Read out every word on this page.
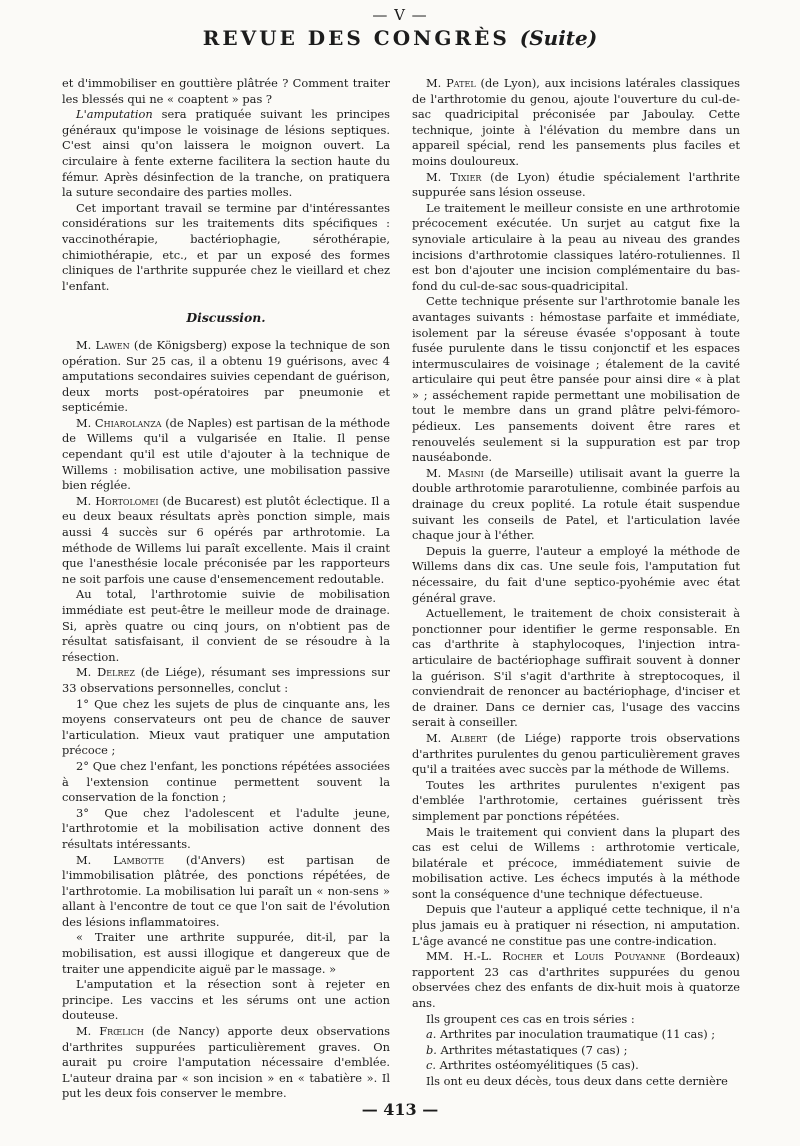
— V —
REVUE DES CONGRÈS (Suite)

et d'immobiliser en gouttière plâtrée ? Comment traiter les blessés qui ne « coaptent » pas ?

L'amputation sera pratiquée suivant les principes généraux qu'impose le voisinage de lésions septiques. C'est ainsi qu'on laissera le moignon ouvert. La circulaire à fente externe facilitera la section haute du fémur. Après désinfection de la tranche, on pratiquera la suture secondaire des parties molles.

Cet important travail se termine par d'intéressantes considérations sur les traitements dits spécifiques : vaccinothérapie, bactériophagie, sérothérapie, chimiothérapie, etc., et par un exposé des formes cliniques de l'arthrite suppurée chez le vieillard et chez l'enfant.

Discussion.

M. Lawen (de Königsberg) expose la technique de son opération. Sur 25 cas, il a obtenu 19 guérisons, avec 4 amputations secondaires suivies cependant de guérison, deux morts post-opératoires par pneumonie et septicémie.

M. Chiarolanza (de Naples) est partisan de la méthode de Willems qu'il a vulgarisée en Italie. Il pense cependant qu'il est utile d'ajouter à la technique de Willems : mobilisation active, une mobilisation passive bien réglée.

M. Hortolomei (de Bucarest) est plutôt éclectique. Il a eu deux beaux résultats après ponction simple, mais aussi 4 succès sur 6 opérés par arthrotomie. La méthode de Willems lui paraît excellente. Mais il craint que l'anesthésie locale préconisée par les rapporteurs ne soit parfois une cause d'ensemencement redoutable.

Au total, l'arthrotomie suivie de mobilisation immédiate est peut-être le meilleur mode de drainage. Si, après quatre ou cinq jours, on n'obtient pas de résultat satisfaisant, il convient de se résoudre à la résection.

M. Delrez (de Liége), résumant ses impressions sur 33 observations personnelles, conclut :

1° Que chez les sujets de plus de cinquante ans, les moyens conservateurs ont peu de chance de sauver l'articulation. Mieux vaut pratiquer une amputation précoce ;

2° Que chez l'enfant, les ponctions répétées associées à l'extension continue permettent souvent la conservation de la fonction ;

3° Que chez l'adolescent et l'adulte jeune, l'arthrotomie et la mobilisation active donnent des résultats intéressants.

M. Lambotte (d'Anvers) est partisan de l'immobilisation plâtrée, des ponctions répétées, de l'arthrotomie. La mobilisation lui paraît un « non-sens » allant à l'encontre de tout ce que l'on sait de l'évolution des lésions inflammatoires.

« Traiter une arthrite suppurée, dit-il, par la mobilisation, est aussi illogique et dangereux que de traiter une appendicite aiguë par le massage. »

L'amputation et la résection sont à rejeter en principe. Les vaccins et les sérums ont une action douteuse.

M. Frœlich (de Nancy) apporte deux observations d'arthrites suppurées particulièrement graves. On aurait pu croire l'amputation nécessaire d'emblée. L'auteur draina par « son incision » en « tabatière ». Il put les deux fois conserver le membre.

M. Patel (de Lyon), aux incisions latérales classiques de l'arthrotomie du genou, ajoute l'ouverture du cul-de-sac quadricipital préconisée par Jaboulay. Cette technique, jointe à l'élévation du membre dans un appareil spécial, rend les pansements plus faciles et moins douloureux.

M. Tixier (de Lyon) étudie spécialement l'arthrite suppurée sans lésion osseuse.

Le traitement le meilleur consiste en une arthrotomie précocement exécutée. Un surjet au catgut fixe la synoviale articulaire à la peau au niveau des grandes incisions d'arthrotomie classiques latéro-rotuliennes. Il est bon d'ajouter une incision complémentaire du bas-fond du cul-de-sac sous-quadricipital.

Cette technique présente sur l'arthrotomie banale les avantages suivants : hémostase parfaite et immédiate, isolement par la séreuse évasée s'opposant à toute fusée purulente dans le tissu conjonctif et les espaces intermusculaires de voisinage ; étalement de la cavité articulaire qui peut être pansée pour ainsi dire « à plat » ; asséchement rapide permettant une mobilisation de tout le membre dans un grand plâtre pelvi-fémoro-pédieux. Les pansements doivent être rares et renouvelés seulement si la suppuration est par trop nauséabonde.

M. Masini (de Marseille) utilisait avant la guerre la double arthrotomie pararotulienne, combinée parfois au drainage du creux poplité. La rotule était suspendue suivant les conseils de Patel, et l'articulation lavée chaque jour à l'éther.

Depuis la guerre, l'auteur a employé la méthode de Willems dans dix cas. Une seule fois, l'amputation fut nécessaire, du fait d'une septico-pyohémie avec état général grave.

Actuellement, le traitement de choix consisterait à ponctionner pour identifier le germe responsable. En cas d'arthrite à staphylocoques, l'injection intra-articulaire de bactériophage suffirait souvent à donner la guérison. S'il s'agit d'arthrite à streptocoques, il conviendrait de renoncer au bactériophage, d'inciser et de drainer. Dans ce dernier cas, l'usage des vaccins serait à conseiller.

M. Albert (de Liége) rapporte trois observations d'arthrites purulentes du genou particulièrement graves qu'il a traitées avec succès par la méthode de Willems.

Toutes les arthrites purulentes n'exigent pas d'emblée l'arthrotomie, certaines guérissent très simplement par ponctions répétées.

Mais le traitement qui convient dans la plupart des cas est celui de Willems : arthrotomie verticale, bilatérale et précoce, immédiatement suivie de mobilisation active. Les échecs imputés à la méthode sont la conséquence d'une technique défectueuse.

Depuis que l'auteur a appliqué cette technique, il n'a plus jamais eu à pratiquer ni résection, ni amputation. L'âge avancé ne constitue pas une contre-indication.

MM. H.-L. Rocher et Louis Pouyanne (Bordeaux) rapportent 23 cas d'arthrites suppurées du genou observées chez des enfants de dix-huit mois à quatorze ans.

Ils groupent ces cas en trois séries :

a. Arthrites par inoculation traumatique (11 cas) ;

b. Arthrites métastatiques (7 cas) ;

c. Arthrites ostéomyélitiques (5 cas).

Ils ont eu deux décès, tous deux dans cette dernière

— 413 —
